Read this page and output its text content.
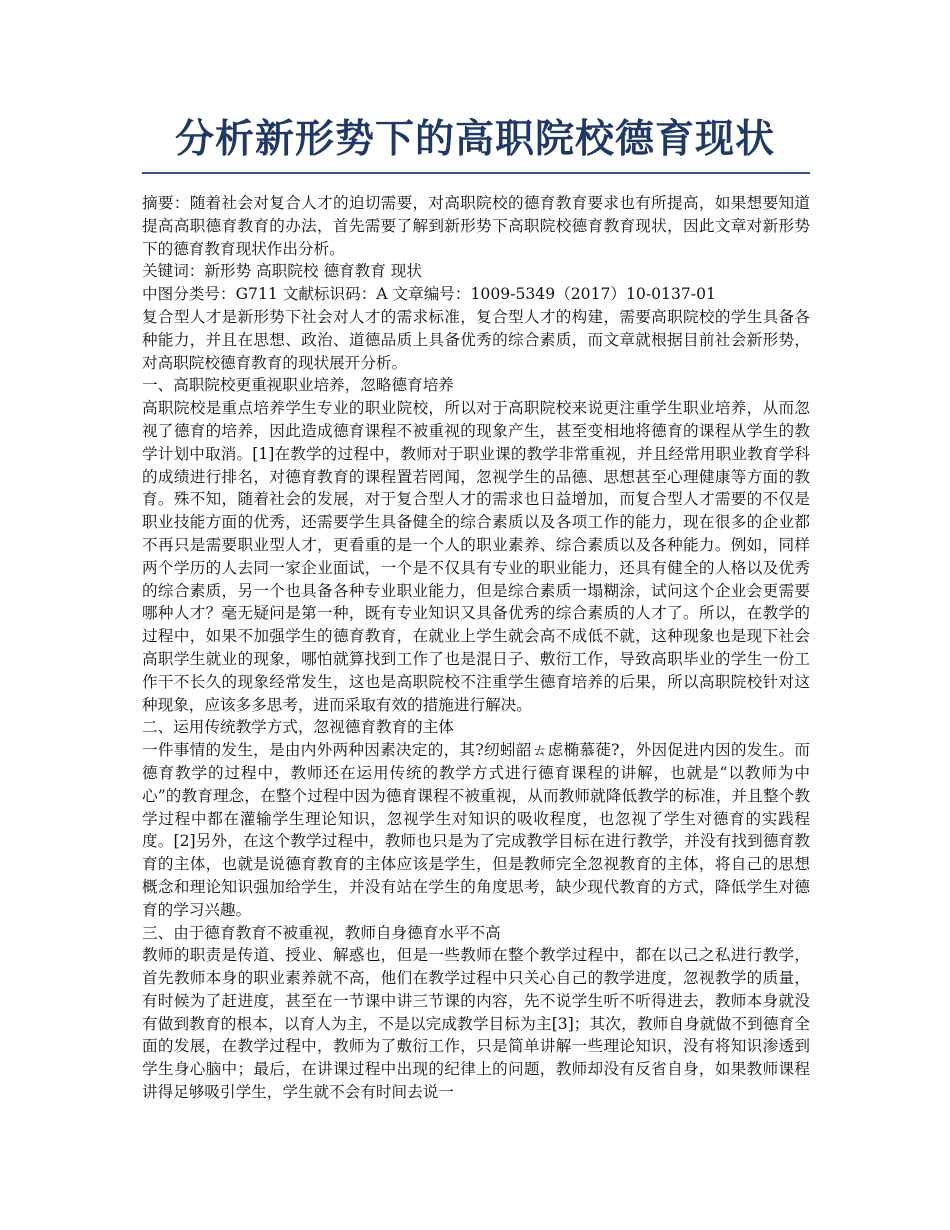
分析新形势下的高职院校德育现状

摘要：随着社会对复合人才的迫切需要，对高职院校的德育教育要求也有所提高，如果想要知道提高高职德育教育的办法，首先需要了解到新形势下高职院校德育教育现状，因此文章对新形势下的德育教育现状作出分析。

关键词：新形势 高职院校 德育教育 现状

中图分类号：G711 文献标识码：A 文章编号：1009-5349（2017）10-0137-01

复合型人才是新形势下社会对人才的需求标准，复合型人才的构建，需要高职院校的学生具备各种能力，并且在思想、政治、道德品质上具备优秀的综合素质，而文章就根据目前社会新形势，对高职院校德育教育的现状展开分析。

一、高职院校更重视职业培养，忽略德育培养

高职院校是重点培养学生专业的职业院校，所以对于高职院校来说更注重学生职业培养，从而忽视了德育的培养，因此造成德育课程不被重视的现象产生，甚至变相地将德育的课程从学生的教学计划中取消。[1]在教学的过程中，教师对于职业课的教学非常重视，并且经常用职业教育学科的成绩进行排名，对德育教育的课程置若罔闻，忽视学生的品德、思想甚至心理健康等方面的教育。殊不知，随着社会的发展，对于复合型人才的需求也日益增加，而复合型人才需要的不仅是职业技能方面的优秀，还需要学生具备健全的综合素质以及各项工作的能力，现在很多的企业都不再只是需要职业型人才，更看重的是一个人的职业素养、综合素质以及各种能力。例如，同样两个学历的人去同一家企业面试，一个是不仅具有专业的职业能力，还具有健全的人格以及优秀的综合素质，另一个也具备各种专业职业能力，但是综合素质一塌糊涂，试问这个企业会更需要哪种人才？毫无疑问是第一种，既有专业知识又具备优秀的综合素质的人才了。所以，在教学的过程中，如果不加强学生的德育教育，在就业上学生就会高不成低不就，这种现象也是现下社会高职学生就业的现象，哪怕就算找到工作了也是混日子、敷衍工作，导致高职毕业的学生一份工作干不长久的现象经常发生，这也是高职院校不注重学生德育培养的后果，所以高职院校针对这种现象，应该多多思考，进而采取有效的措施进行解决。

二、运用传统教学方式，忽视德育教育的主体

一件事情的发生，是由内外两种因素决定的，其?纫蚓韶ㄊ虑椭慕蓰?，外因促进内因的发生。而德育教学的过程中，教师还在运用传统的教学方式进行德育课程的讲解，也就是“以教师为中心”的教育理念，在整个过程中因为德育课程不被重视，从而教师就降低教学的标准，并且整个教学过程中都在灌输学生理论知识，忽视学生对知识的吸收程度，也忽视了学生对德育的实践程度。[2]另外，在这个教学过程中，教师也只是为了完成教学目标在进行教学，并没有找到德育教育的主体，也就是说德育教育的主体应该是学生，但是教师完全忽视教育的主体，将自己的思想概念和理论知识强加给学生，并没有站在学生的角度思考，缺少现代教育的方式，降低学生对德育的学习兴趣。

三、由于德育教育不被重视，教师自身德育水平不高

教师的职责是传道、授业、解惑也，但是一些教师在整个教学过程中，都在以己之私进行教学，首先教师本身的职业素养就不高，他们在教学过程中只关心自己的教学进度，忽视教学的质量，有时候为了赶进度，甚至在一节课中讲三节课的内容，先不说学生听不听得进去，教师本身就没有做到教育的根本，以育人为主，不是以完成教学目标为主[3]；其次，教师自身就做不到德育全面的发展，在教学过程中，教师为了敷衍工作，只是简单讲解一些理论知识，没有将知识渗透到学生身心脑中；最后，在讲课过程中出现的纪律上的问题，教师却没有反省自身，如果教师课程讲得足够吸引学生，学生就不会有时间去说一
